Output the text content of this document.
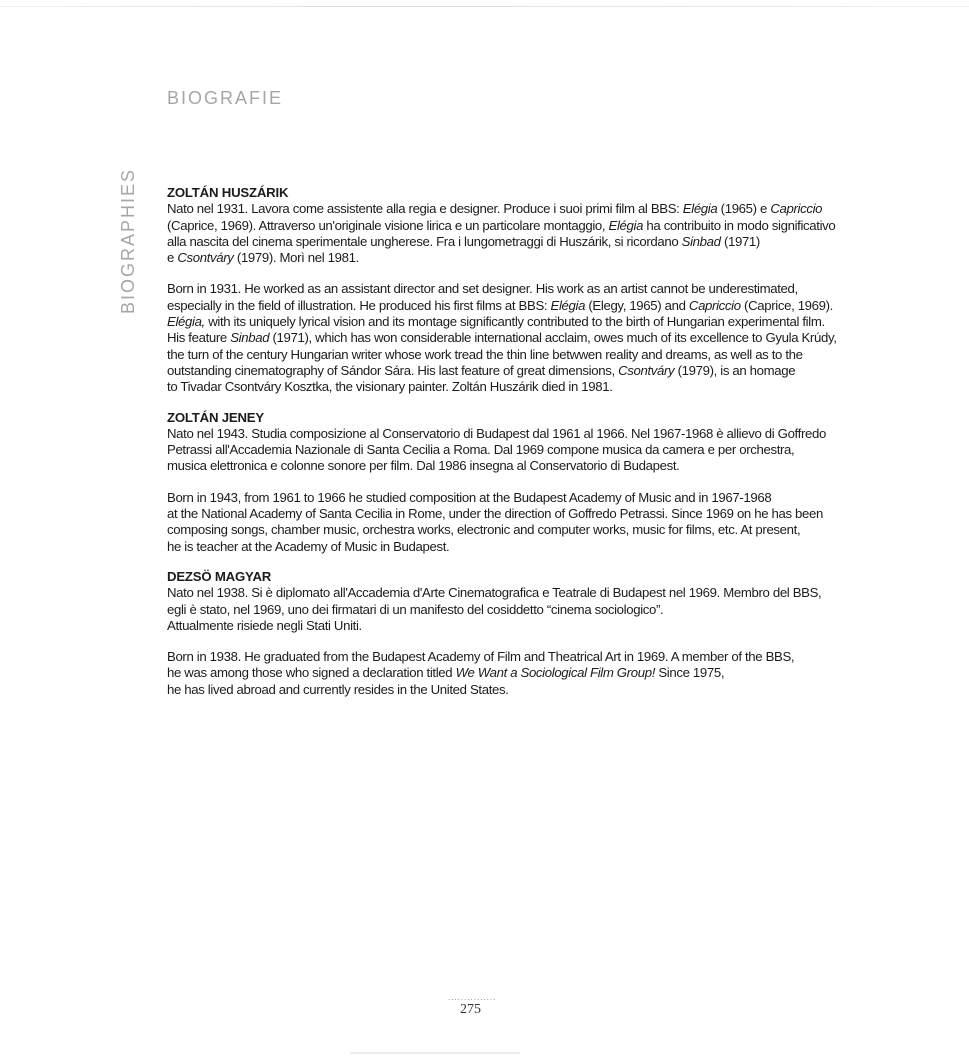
BIOGRAFIE
BIOGRAPHIES ZOLTÁN HUSZÁRIK
Nato nel 1931. Lavora come assistente alla regia e designer. Produce i suoi primi film al BBS: Elégia (1965) e Capriccio
(Caprice, 1969). Attraverso un'originale visione lirica e un particolare montaggio, Elégia ha contribuito in modo significativo
alla nascita del cinema sperimentale ungherese. Fra i lungometraggi di Huszárik, si ricordano Sinbad (1971)
e Csontváry (1979). Morì nel 1981.
Born in 1931. He worked as an assistant director and set designer. His work as an artist cannot be underestimated,
especially in the field of illustration. He produced his first films at BBS: Elégia (Elegy, 1965) and Capriccio (Caprice, 1969).
Elégia, with its uniquely lyrical vision and its montage significantly contributed to the birth of Hungarian experimental film.
His feature Sinbad (1971), which has won considerable international acclaim, owes much of its excellence to Gyula Krúdy,
the turn of the century Hungarian writer whose work tread the thin line betwwen reality and dreams, as well as to the
outstanding cinematography of Sándor Sára. His last feature of great dimensions, Csontváry (1979), is an homage
to Tivadar Csontváry Kosztka, the visionary painter. Zoltán Huszárik died in 1981.
ZOLTÁN JENEY
Nato nel 1943. Studia composizione al Conservatorio di Budapest dal 1961 al 1966. Nel 1967-1968 è allievo di Goffredo
Petrassi all'Accademia Nazionale di Santa Cecilia a Roma. Dal 1969 compone musica da camera e per orchestra,
musica elettronica e colonne sonore per film. Dal 1986 insegna al Conservatorio di Budapest.
Born in 1943, from 1961 to 1966 he studied composition at the Budapest Academy of Music and in 1967-1968
at the National Academy of Santa Cecilia in Rome, under the direction of Goffredo Petrassi. Since 1969 on he has been
composing songs, chamber music, orchestra works, electronic and computer works, music for films, etc. At present,
he is teacher at the Academy of Music in Budapest.
DEZSÖ MAGYAR
Nato nel 1938. Si è diplomato all'Accademia d'Arte Cinematografica e Teatrale di Budapest nel 1969. Membro del BBS,
egli è stato, nel 1969, uno dei firmatari di un manifesto del cosiddetto “cinema sociologico”.
Attualmente risiede negli Stati Uniti.
Born in 1938. He graduated from the Budapest Academy of Film and Theatrical Art in 1969. A member of the BBS,
he was among those who signed a declaration titled We Want a Sociological Film Group! Since 1975,
he has lived abroad and currently resides in the United States.
...............
275
